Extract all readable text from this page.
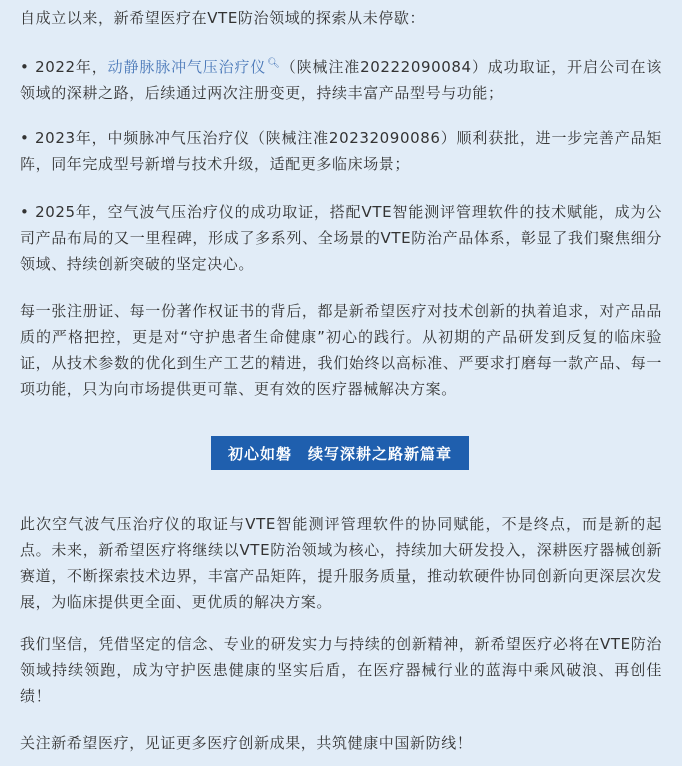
自成立以来，新希望医疗在VTE防治领域的探索从未停歇：

• 2022年，动静脉脉冲气压治疗仪🔍︎（陕械注准20222090084）成功取证，开启公司在该领域的深耕之路，后续通过两次注册变更，持续丰富产品型号与功能；

• 2023年，中频脉冲气压治疗仪（陕械注准20232090086）顺利获批，进一步完善产品矩阵，同年完成型号新增与技术升级，适配更多临床场景；

• 2025年，空气波气压治疗仪的成功取证，搭配VTE智能测评管理软件的技术赋能，成为公司产品布局的又一里程碑，形成了多系列、全场景的VTE防治产品体系，彰显了我们聚焦细分领域、持续创新突破的坚定决心。

每一张注册证、每一份著作权证书的背后，都是新希望医疗对技术创新的执着追求，对产品品质的严格把控，更是对“守护患者生命健康”初心的践行。从初期的产品研发到反复的临床验证，从技术参数的优化到生产工艺的精进，我们始终以高标准、严要求打磨每一款产品、每一项功能，只为向市场提供更可靠、更有效的医疗器械解决方案。

初心如磐 续写深耕之路新篇章

此次空气波气压治疗仪的取证与VTE智能测评管理软件的协同赋能，不是终点，而是新的起点。未来，新希望医疗将继续以VTE防治领域为核心，持续加大研发投入，深耕医疗器械创新赛道，不断探索技术边界，丰富产品矩阵，提升服务质量，推动软硬件协同创新向更深层次发展，为临床提供更全面、更优质的解决方案。

我们坚信，凭借坚定的信念、专业的研发实力与持续的创新精神，新希望医疗必将在VTE防治领域持续领跑，成为守护医患健康的坚实后盾，在医疗器械行业的蓝海中乘风破浪、再创佳绩！

关注新希望医疗，见证更多医疗创新成果，共筑健康中国新防线！
